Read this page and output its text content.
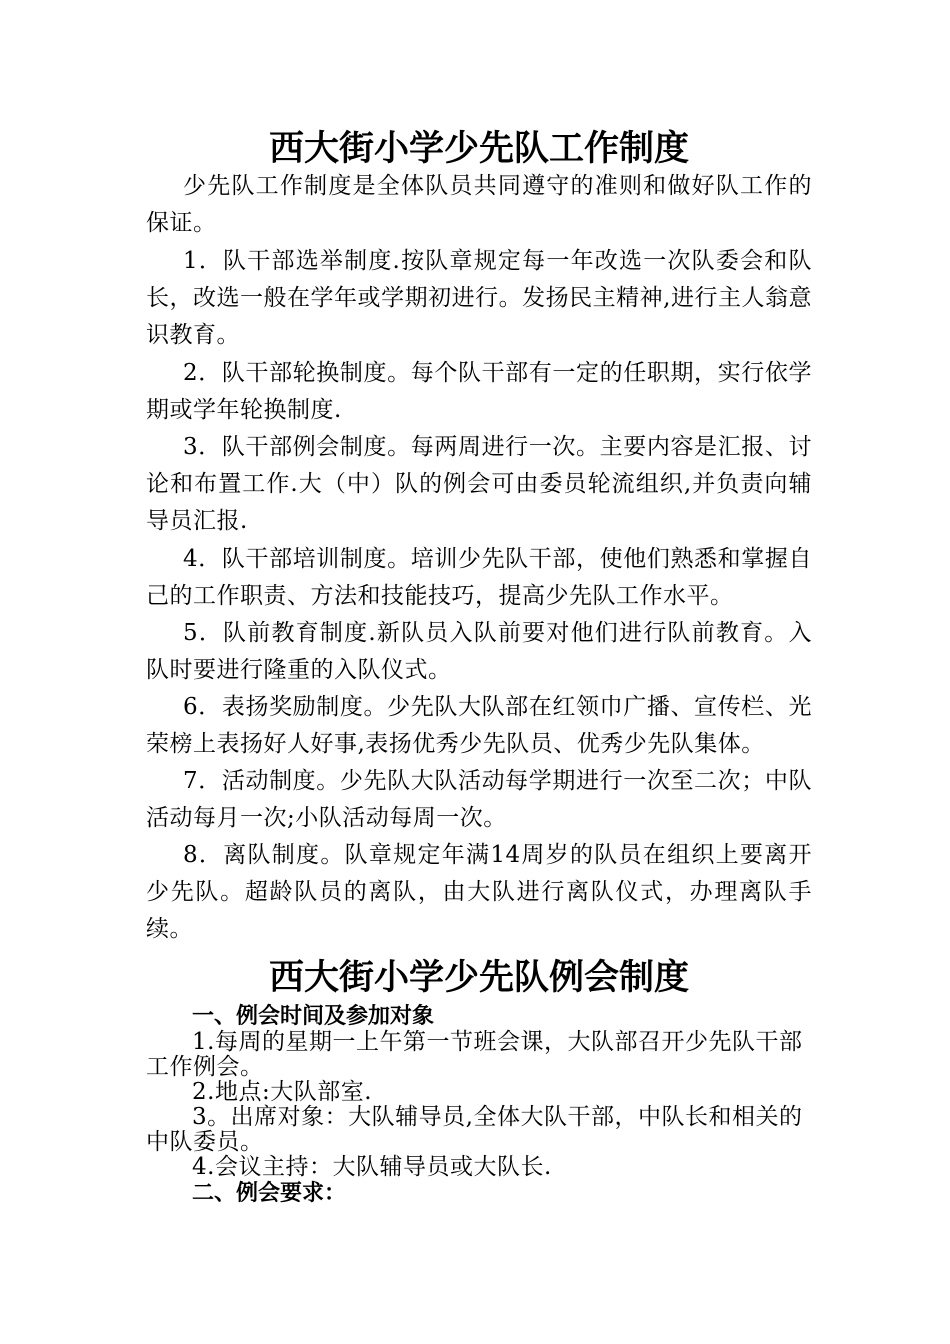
西大街小学少先队工作制度
少先队工作制度是全体队员共同遵守的准则和做好队工作的保证。
1．队干部选举制度.按队章规定每一年改选一次队委会和队长，改选一般在学年或学期初进行。发扬民主精神,进行主人翁意识教育。
2．队干部轮换制度。每个队干部有一定的任职期，实行依学期或学年轮换制度.
3．队干部例会制度。每两周进行一次。主要内容是汇报、讨论和布置工作.大（中）队的例会可由委员轮流组织,并负责向辅导员汇报.
4．队干部培训制度。培训少先队干部，使他们熟悉和掌握自己的工作职责、方法和技能技巧，提高少先队工作水平。
5．队前教育制度.新队员入队前要对他们进行队前教育。入队时要进行隆重的入队仪式。
6．表扬奖励制度。少先队大队部在红领巾广播、宣传栏、光荣榜上表扬好人好事,表扬优秀少先队员、优秀少先队集体。
7．活动制度。少先队大队活动每学期进行一次至二次；中队活动每月一次;小队活动每周一次。
8．离队制度。队章规定年满14周岁的队员在组织上要离开少先队。超龄队员的离队，由大队进行离队仪式，办理离队手续。
西大街小学少先队例会制度
一、例会时间及参加对象
1.每周的星期一上午第一节班会课，大队部召开少先队干部工作例会。
2.地点:大队部室.
3。出席对象：大队辅导员,全体大队干部，中队长和相关的中队委员。
4.会议主持：大队辅导员或大队长.
二、例会要求：
